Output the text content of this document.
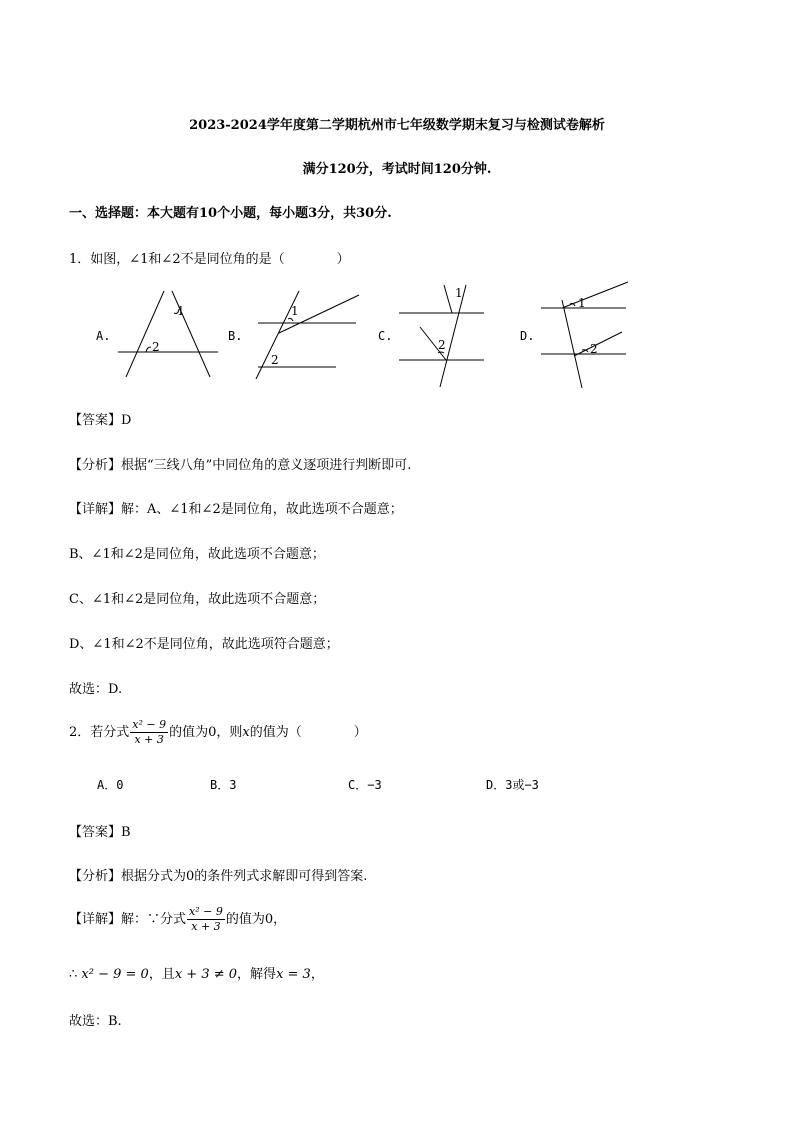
2023-2024学年度第二学期杭州市七年级数学期末复习与检测试卷解析
满分120分，考试时间120分钟.
一、选择题：本大题有10个小题，每小题3分，共30分.
1．如图，∠1和∠2不是同位角的是（　　　　）
A.
1
2
B.
1
2
C.
1
2
D.
1
2
【答案】D
【分析】根据“三线八角”中同位角的意义逐项进行判断即可.
【详解】解：A、∠1和∠2是同位角，故此选项不合题意；
B、∠1和∠2是同位角，故此选项不合题意；
C、∠1和∠2是同位角，故此选项不合题意；
D、∠1和∠2不是同位角，故此选项符合题意；
故选：D.
2．若分式 $\frac{\text{x² − 9}}{x + 3}$ 的值为0，则x的值为（　　　　）
A．0	B．3	C．−3	D．3或−3
【答案】B
【分析】根据分式为0的条件列式求解即可得到答案.
【详解】解：∵分式 $\frac{\text{x² − 9}}{x + 3}$ 的值为0，
∴ x² − 9 = 0，且x + 3 ≠ 0，解得x = 3，
故选：B.
